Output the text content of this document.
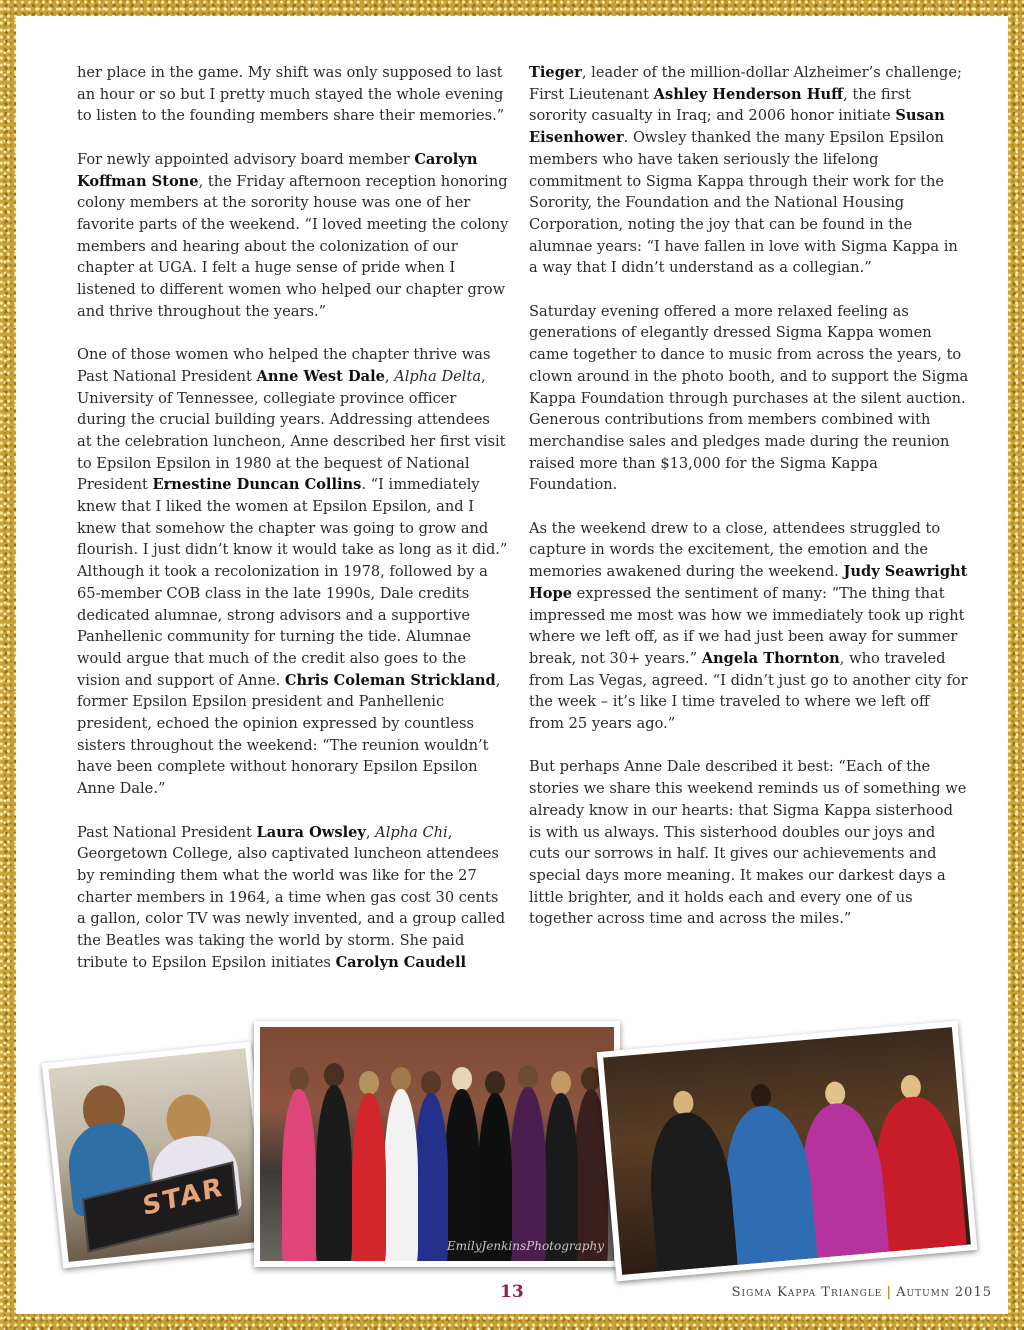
her place in the game. My shift was only supposed to last an hour or so but I pretty much stayed the whole evening to listen to the founding members share their memories.”

For newly appointed advisory board member Carolyn Koffman Stone, the Friday afternoon reception honoring colony members at the sorority house was one of her favorite parts of the weekend. “I loved meeting the colony members and hearing about the colonization of our chapter at UGA. I felt a huge sense of pride when I listened to different women who helped our chapter grow and thrive throughout the years.”

One of those women who helped the chapter thrive was Past National President Anne West Dale, Alpha Delta, University of Tennessee, collegiate province officer during the crucial building years. Addressing attendees at the celebration luncheon, Anne described her first visit to Epsilon Epsilon in 1980 at the bequest of National President Ernestine Duncan Collins. “I immediately knew that I liked the women at Epsilon Epsilon, and I knew that somehow the chapter was going to grow and flourish. I just didn’t know it would take as long as it did.” Although it took a recolonization in 1978, followed by a 65-member COB class in the late 1990s, Dale credits dedicated alumnae, strong advisors and a supportive Panhellenic community for turning the tide. Alumnae would argue that much of the credit also goes to the vision and support of Anne. Chris Coleman Strickland, former Epsilon Epsilon president and Panhellenic president, echoed the opinion expressed by countless sisters throughout the weekend: “The reunion wouldn’t have been complete without honorary Epsilon Epsilon Anne Dale.”

Past National President Laura Owsley, Alpha Chi, Georgetown College, also captivated luncheon attendees by reminding them what the world was like for the 27 charter members in 1964, a time when gas cost 30 cents a gallon, color TV was newly invented, and a group called the Beatles was taking the world by storm. She paid tribute to Epsilon Epsilon initiates Carolyn Caudell

Tieger, leader of the million-dollar Alzheimer’s challenge; First Lieutenant Ashley Henderson Huff, the first sorority casualty in Iraq; and 2006 honor initiate Susan Eisenhower. Owsley thanked the many Epsilon Epsilon members who have taken seriously the lifelong commitment to Sigma Kappa through their work for the Sorority, the Foundation and the National Housing Corporation, noting the joy that can be found in the alumnae years: “I have fallen in love with Sigma Kappa in a way that I didn’t understand as a collegian.”

Saturday evening offered a more relaxed feeling as generations of elegantly dressed Sigma Kappa women came together to dance to music from across the years, to clown around in the photo booth, and to support the Sigma Kappa Foundation through purchases at the silent auction. Generous contributions from members combined with merchandise sales and pledges made during the reunion raised more than $13,000 for the Sigma Kappa Foundation.

As the weekend drew to a close, attendees struggled to capture in words the excitement, the emotion and the memories awakened during the weekend. Judy Seawright Hope expressed the sentiment of many: “The thing that impressed me most was how we immediately took up right where we left off, as if we had just been away for summer break, not 30+ years.” Angela Thornton, who traveled from Las Vegas, agreed. “I didn’t just go to another city for the week – it’s like I time traveled to where we left off from 25 years ago.”

But perhaps Anne Dale described it best: “Each of the stories we share this weekend reminds us of something we already know in our hearts: that Sigma Kappa sisterhood is with us always. This sisterhood doubles our joys and cuts our sorrows in half. It gives our achievements and special days more meaning. It makes our darkest days a little brighter, and it holds each and every one of us together across time and across the miles.”

STAR
EmilyJenkinsPhotography
13	Sigma Kappa Triangle | Autumn 2015
